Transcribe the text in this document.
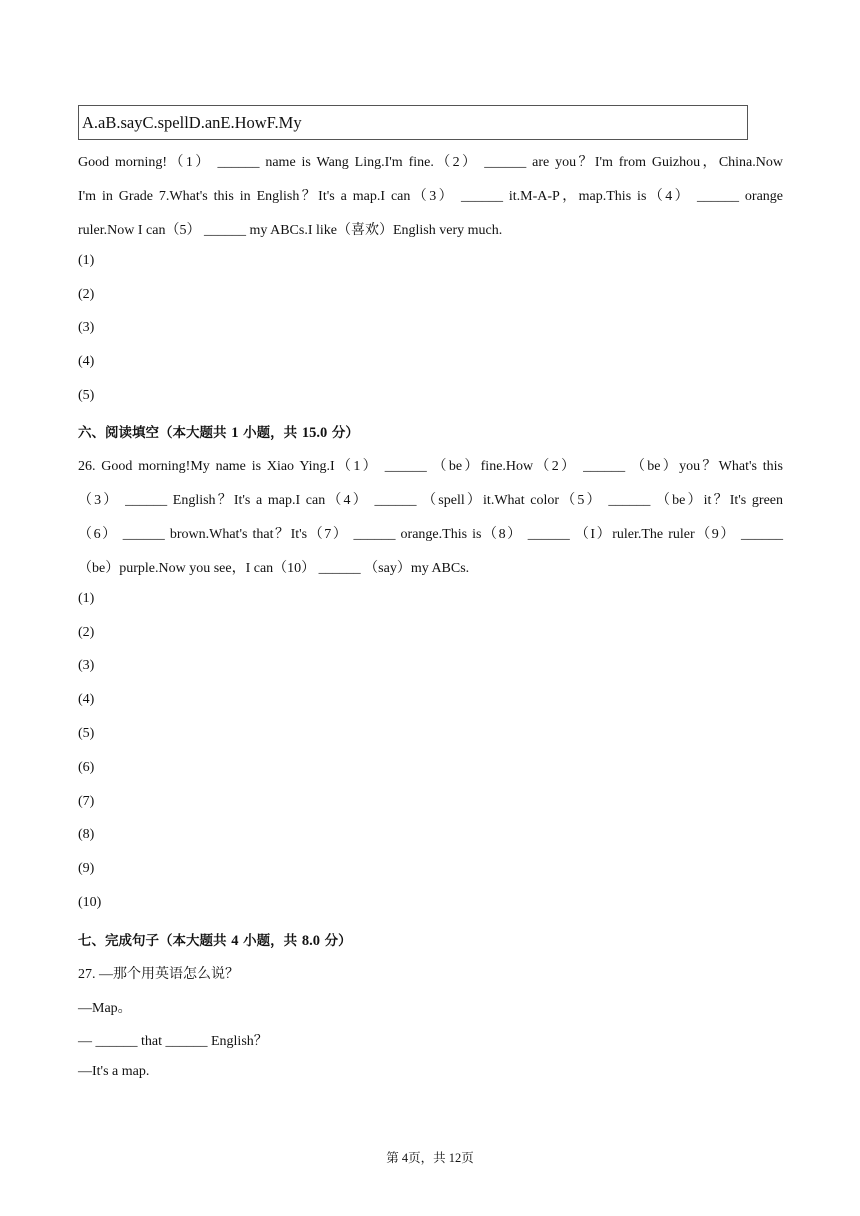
A.aB.sayC.spellD.anE.HowF.My
Good morning!（1） ______ name is Wang Ling.I'm fine.（2） ______ are you？I'm from Guizhou，China.Now
I'm in Grade 7.What's this in English？It's a map.I can（3） ______ it.M-A-P，map.This is（4） ______ orange
ruler.Now I can（5） ______ my ABCs.I like（喜欢）English very much.
(1)
(2)
(3)
(4)
(5)
六、阅读填空（本大题共 1 小题，共 15.0 分）
26. Good morning!My name is Xiao Ying.I（1） ______ （be）fine.How（2） ______ （be）you？What's this
（3） ______ English？It's a map.I can（4） ______ （spell）it.What color（5） ______ （be）it？It's green
（6） ______ brown.What's that？It's（7） ______ orange.This is（8） ______ （I）ruler.The ruler（9） ______
（be）purple.Now you see，I can（10） ______ （say）my ABCs.
(1)
(2)
(3)
(4)
(5)
(6)
(7)
(8)
(9)
(10)
七、完成句子（本大题共 4 小题，共 8.0 分）
27. —那个用英语怎么说？
—Map。
— ______ that ______ English？
—It's a map.
第 4页，共 12页
